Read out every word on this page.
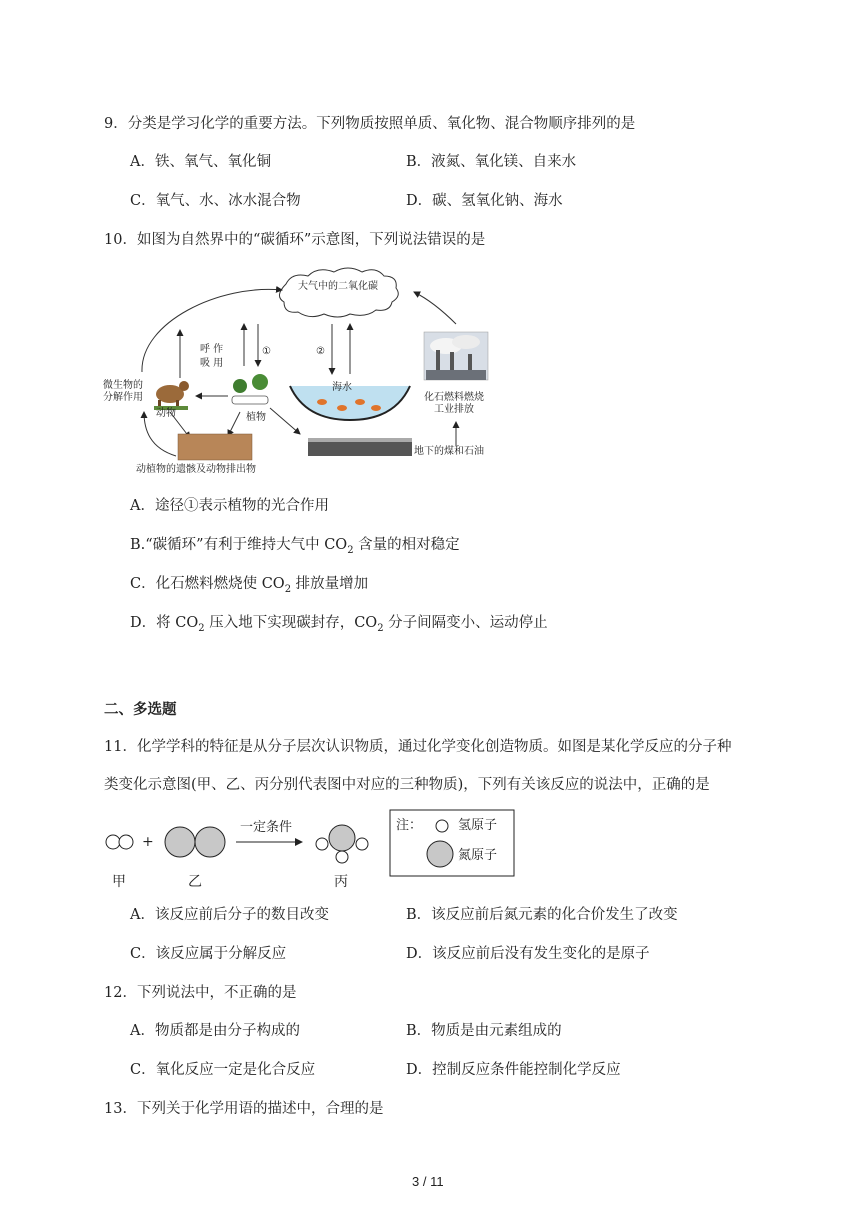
9．分类是学习化学的重要方法。下列物质按照单质、氧化物、混合物顺序排列的是
A．铁、氧气、氧化铜	B．液氮、氧化镁、自来水
C．氧气、水、冰水混合物	D．碳、氢氧化钠、海水
10．如图为自然界中的“碳循环”示意图，下列说法错误的是
大气中的二氧化碳
呼 作
吸 用
①	②
微生物的
分解作用
动物	植物
海水
化石燃料燃烧
工业排放
动植物的遗骸及动物排出物
地下的煤和石油
A．途径①表示植物的光合作用
B.“碳循环”有利于维持大气中 $CO_2$ 含量的相对稳定
C．化石燃料燃烧使 $CO_2$ 排放量增加
D．将 $CO_2$ 压入地下实现碳封存，$CO_2$ 分子间隔变小、运动停止
二、多选题
11．化学学科的特征是从分子层次认识物质，通过化学变化创造物质。如图是某化学反应的分子种
类变化示意图(甲、乙、丙分别代表图中对应的三种物质)，下列有关该反应的说法中，正确的是
+
一定条件
甲	乙	丙
注：	氢原子
氮原子
A．该反应前后分子的数目改变	B．该反应前后氮元素的化合价发生了改变
C．该反应属于分解反应	D．该反应前后没有发生变化的是原子
12．下列说法中，不正确的是
A．物质都是由分子构成的	B．物质是由元素组成的
C．氧化反应一定是化合反应	D．控制反应条件能控制化学反应
13．下列关于化学用语的描述中，合理的是
3 / 11
